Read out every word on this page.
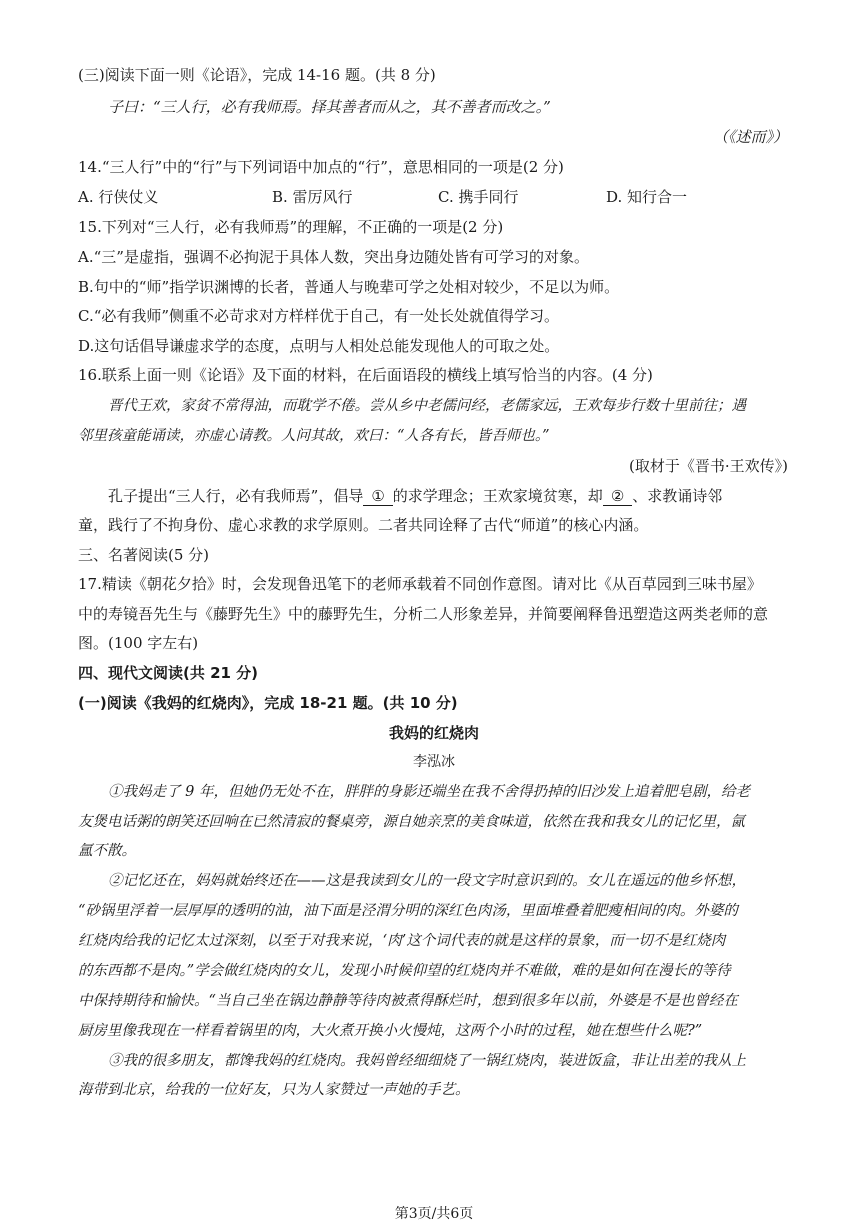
(三)阅读下面一则《论语》，完成 14-16 题。(共 8 分)
子曰：“三人行，必有我师焉。择其善者而从之，其不善者而改之。”
（《述而》）
14.“三人行”中的“行”与下列词语中加点的“行”，意思相同的一项是(2 分)
A. 行侠仗义	B. 雷厉风行	C. 携手同行	D. 知行合一
15.下列对“三人行，必有我师焉”的理解，不正确的一项是(2 分)
A.“三”是虚指，强调不必拘泥于具体人数，突出身边随处皆有可学习的对象。
B.句中的“师”指学识渊博的长者，普通人与晚辈可学之处相对较少，不足以为师。
C.“必有我师”侧重不必苛求对方样样优于自己，有一处长处就值得学习。
D.这句话倡导谦虚求学的态度，点明与人相处总能发现他人的可取之处。
16.联系上面一则《论语》及下面的材料，在后面语段的横线上填写恰当的内容。(4 分)
晋代王欢，家贫不常得油，而耽学不倦。尝从乡中老儒问经，老儒家远，王欢每步行数十里前往；遇
邻里孩童能诵读，亦虚心请教。人问其故，欢曰：“人各有长，皆吾师也。”
(取材于《晋书·王欢传》)
孔子提出“三人行，必有我师焉”，倡导 ① 的求学理念；王欢家境贫寒，却 ② 、求教诵诗邻
童，践行了不拘身份、虚心求教的求学原则。二者共同诠释了古代“师道”的核心内涵。
三、名著阅读(5 分)
17.精读《朝花夕拾》时，会发现鲁迅笔下的老师承载着不同创作意图。请对比《从百草园到三味书屋》
中的寿镜吾先生与《藤野先生》中的藤野先生，分析二人形象差异，并简要阐释鲁迅塑造这两类老师的意
图。(100 字左右)
四、现代文阅读(共 21 分)
(一)阅读《我妈的红烧肉》，完成 18-21 题。(共 10 分)
我妈的红烧肉
李泓冰
①我妈走了 9 年，但她仍无处不在，胖胖的身影还端坐在我不舍得扔掉的旧沙发上追着肥皂剧，给老
友煲电话粥的朗笑还回响在已然清寂的餐桌旁，源自她亲烹的美食味道，依然在我和我女儿的记忆里，氤
氲不散。
②记忆还在，妈妈就始终还在——这是我读到女儿的一段文字时意识到的。女儿在遥远的他乡怀想，
“砂锅里浮着一层厚厚的透明的油，油下面是泾渭分明的深红色肉汤，里面堆叠着肥瘦相间的肉。外婆的
红烧肉给我的记忆太过深刻，以至于对我来说，‘肉’这个词代表的就是这样的景象，而一切不是红烧肉
的东西都不是肉。”学会做红烧肉的女儿，发现小时候仰望的红烧肉并不难做，难的是如何在漫长的等待
中保持期待和愉快。“当自己坐在锅边静静等待肉被煮得酥烂时，想到很多年以前，外婆是不是也曾经在
厨房里像我现在一样看着锅里的肉，大火煮开换小火慢炖，这两个小时的过程，她在想些什么呢?”
③我的很多朋友，都馋我妈的红烧肉。我妈曾经细细烧了一锅红烧肉，装进饭盒，非让出差的我从上
海带到北京，给我的一位好友，只为人家赞过一声她的手艺。
第3页/共6页
